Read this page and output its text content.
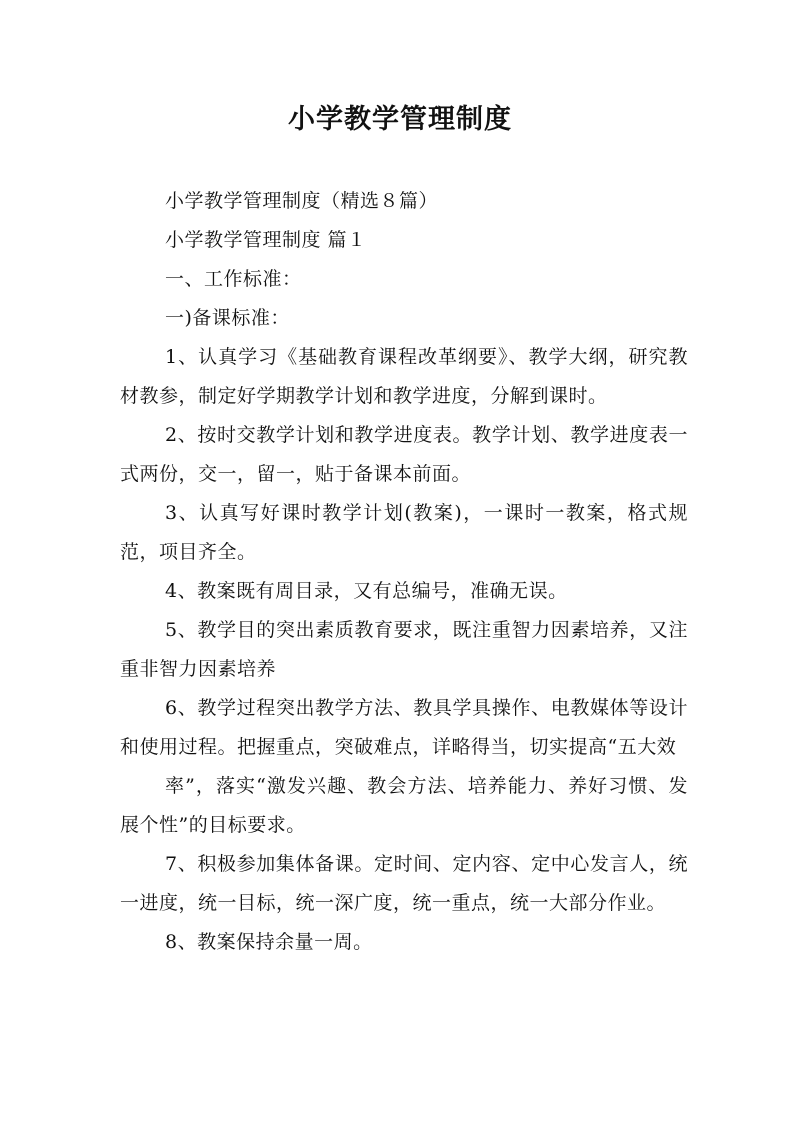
小学教学管理制度

小学教学管理制度（精选８篇）

小学教学管理制度 篇１

一、工作标准：

一)备课标准：

1、认真学习《基础教育课程改革纲要》、教学大纲，研究教材教参，制定好学期教学计划和教学进度，分解到课时。

2、按时交教学计划和教学进度表。教学计划、教学进度表一式两份，交一，留一，贴于备课本前面。

3、认真写好课时教学计划(教案)，一课时一教案，格式规范，项目齐全。

4、教案既有周目录，又有总编号，准确无误。

5、教学目的突出素质教育要求，既注重智力因素培养，又注重非智力因素培养

6、教学过程突出教学方法、教具学具操作、电教媒体等设计和使用过程。把握重点，突破难点，详略得当，切实提高“五大效

率”，落实“激发兴趣、教会方法、培养能力、养好习惯、发展个性”的目标要求。

7、积极参加集体备课。定时间、定内容、定中心发言人，统一进度，统一目标，统一深广度，统一重点，统一大部分作业。

8、教案保持余量一周。
